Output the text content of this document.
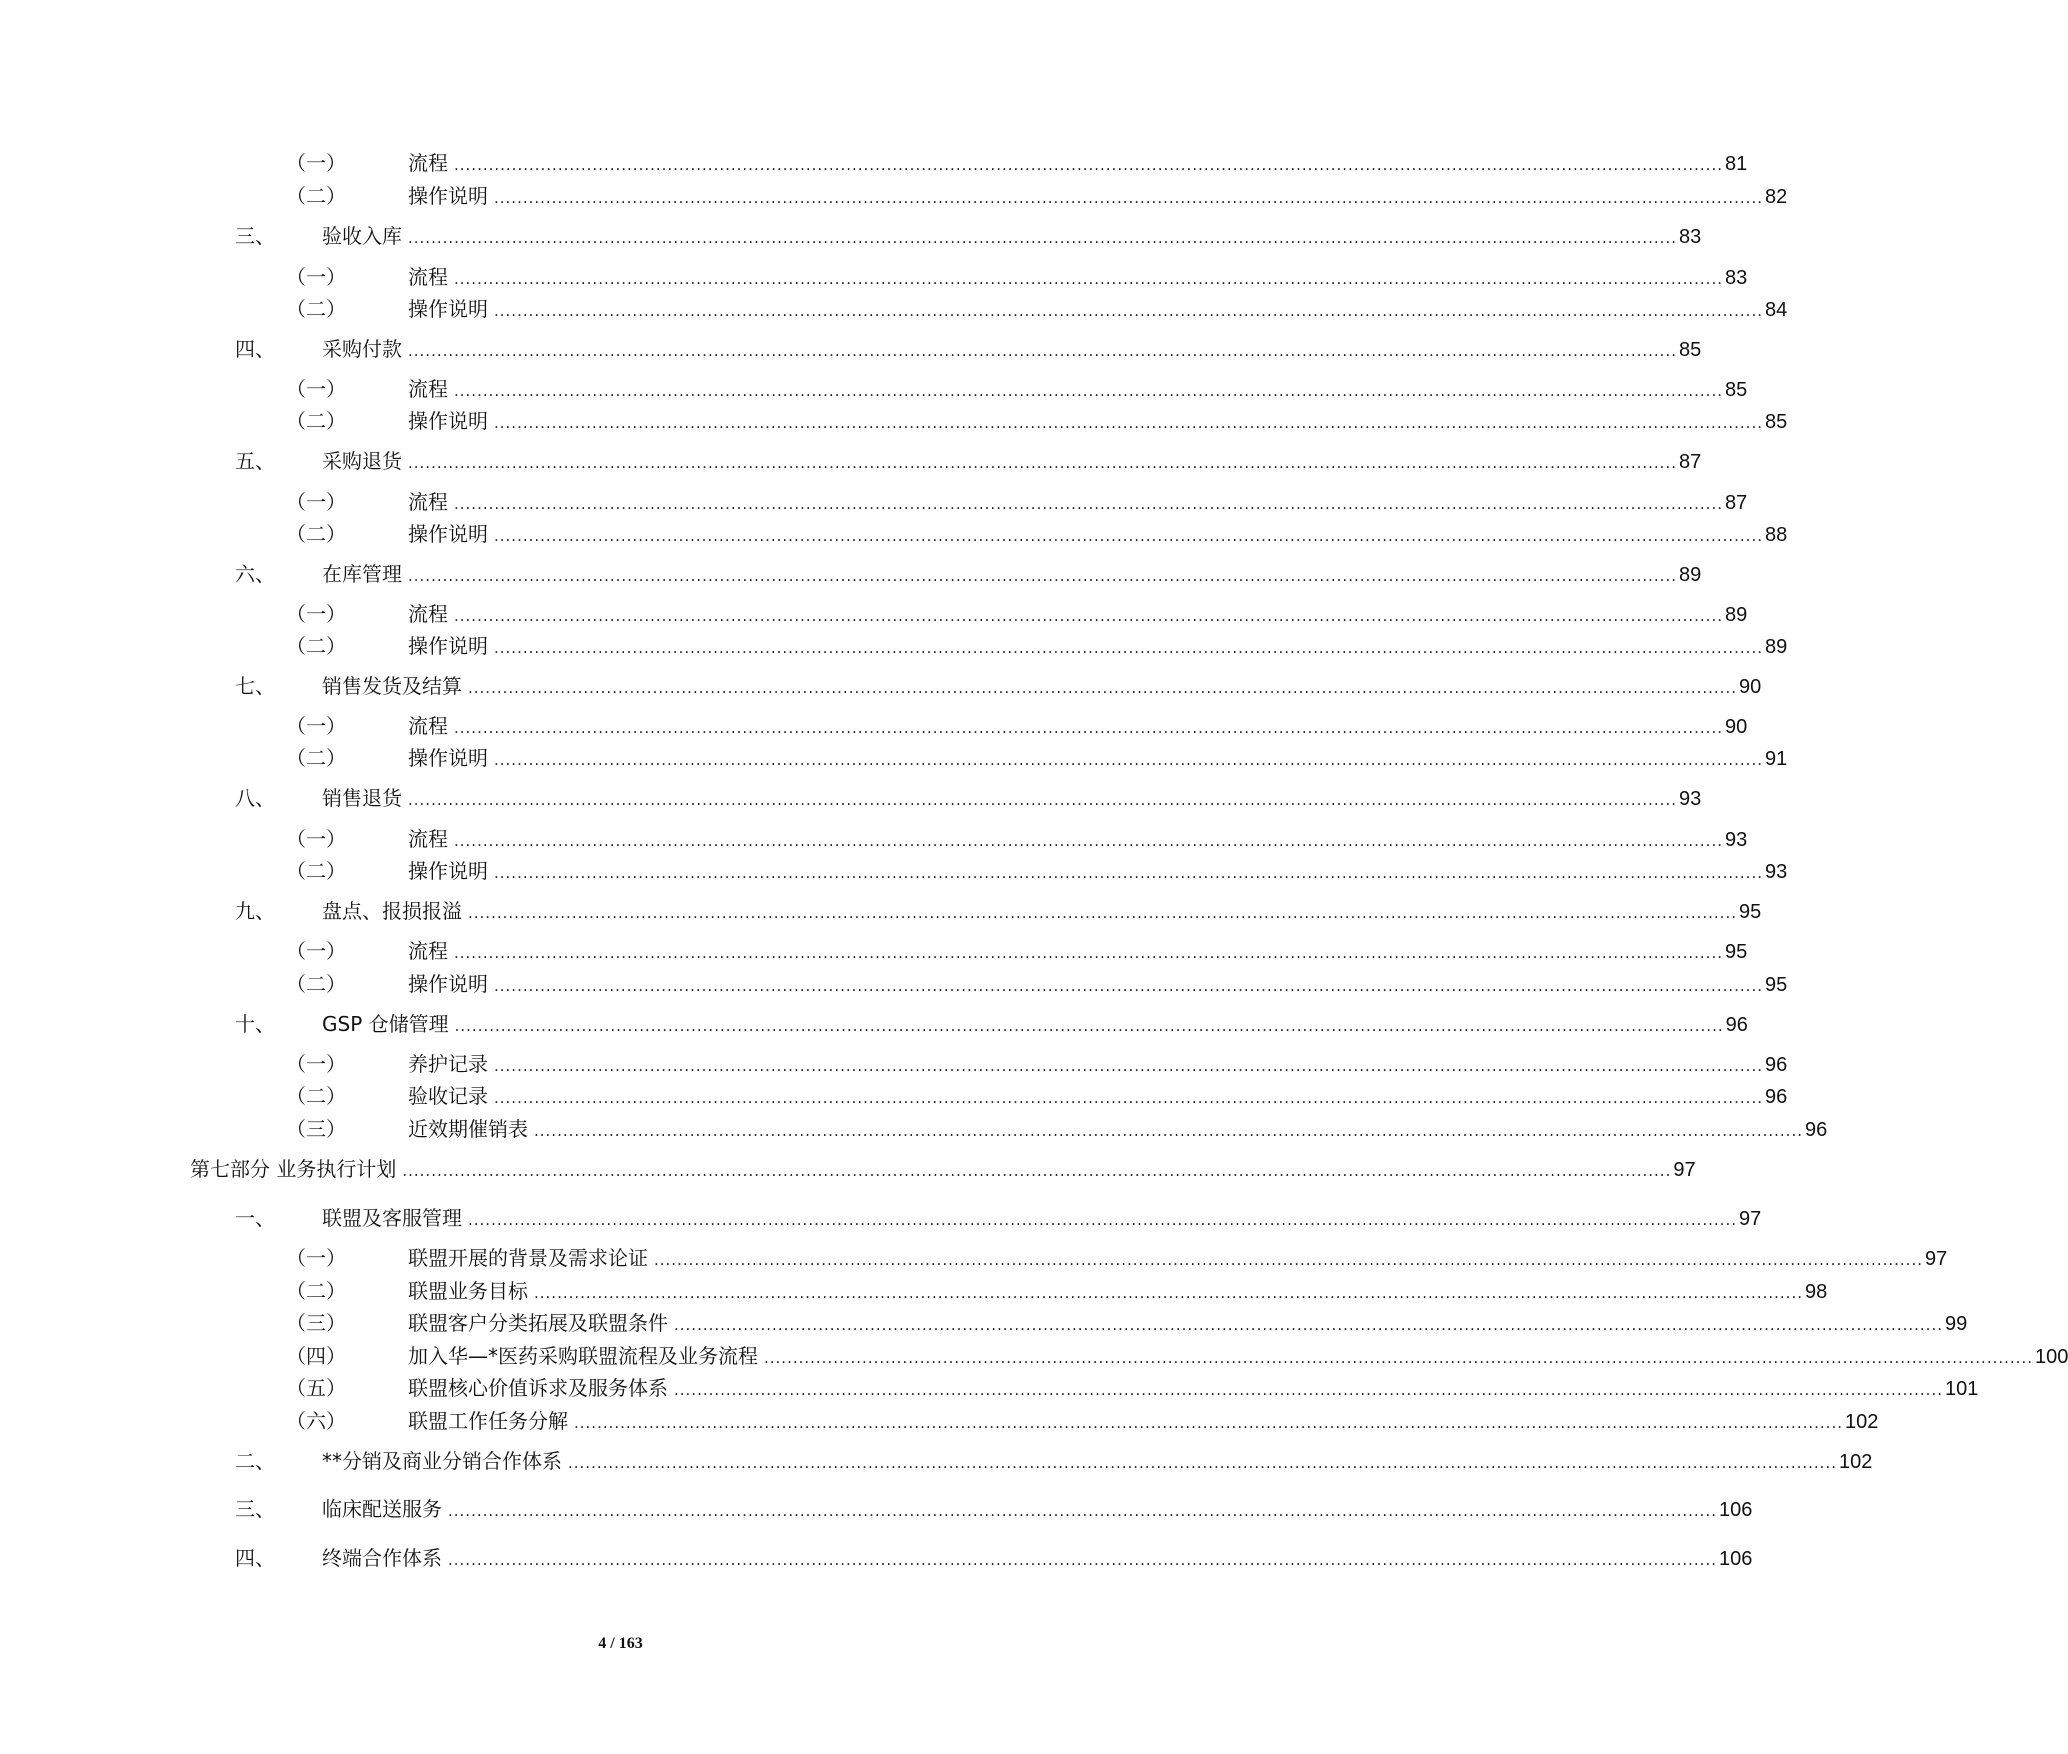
（一）	流程 ............................................................................................................................................................................................................................ 81
（二）	操作说明 ............................................................................................................................................................................................................................ 82
三、 验收入库 ............................................................................................................................................................................................................................ 83
（一）	流程 ............................................................................................................................................................................................................................ 83
（二）	操作说明 ............................................................................................................................................................................................................................ 84
四、 采购付款 ............................................................................................................................................................................................................................ 85
（一）	流程 ............................................................................................................................................................................................................................ 85
（二）	操作说明 ............................................................................................................................................................................................................................ 85
五、 采购退货 ............................................................................................................................................................................................................................ 87
（一）	流程 ............................................................................................................................................................................................................................ 87
（二）	操作说明 ............................................................................................................................................................................................................................ 88
六、 在库管理 ............................................................................................................................................................................................................................ 89
（一）	流程 ............................................................................................................................................................................................................................ 89
（二）	操作说明 ............................................................................................................................................................................................................................ 89
七、 销售发货及结算 ............................................................................................................................................................................................................................ 90
（一）	流程 ............................................................................................................................................................................................................................ 90
（二）	操作说明 ............................................................................................................................................................................................................................ 91
八、 销售退货 ............................................................................................................................................................................................................................ 93
（一）	流程 ............................................................................................................................................................................................................................ 93
（二）	操作说明 ............................................................................................................................................................................................................................ 93
九、 盘点、报损报溢 ............................................................................................................................................................................................................................ 95
（一）	流程 ............................................................................................................................................................................................................................ 95
（二）	操作说明 ............................................................................................................................................................................................................................ 95
十、 GSP 仓储管理 ............................................................................................................................................................................................................................ 96
（一）	养护记录 ............................................................................................................................................................................................................................ 96
（二）	验收记录 ............................................................................................................................................................................................................................ 96
（三）	近效期催销表 ............................................................................................................................................................................................................................ 96
第七部分 业务执行计划 ............................................................................................................................................................................................................................ 97
一、 联盟及客服管理 ............................................................................................................................................................................................................................ 97
（一）	联盟开展的背景及需求论证 ............................................................................................................................................................................................................................ 97
（二）	联盟业务目标 ............................................................................................................................................................................................................................ 98
（三）	联盟客户分类拓展及联盟条件 ............................................................................................................................................................................................................................ 99
（四）	加入华—*医药采购联盟流程及业务流程 ............................................................................................................................................................................................................................ 100
（五）	联盟核心价值诉求及服务体系 ............................................................................................................................................................................................................................ 101
（六）	联盟工作任务分解 ............................................................................................................................................................................................................................ 102
二、 **分销及商业分销合作体系 ............................................................................................................................................................................................................................ 102
三、 临床配送服务 ............................................................................................................................................................................................................................ 106
四、 终端合作体系 ............................................................................................................................................................................................................................ 106
4 / 163
